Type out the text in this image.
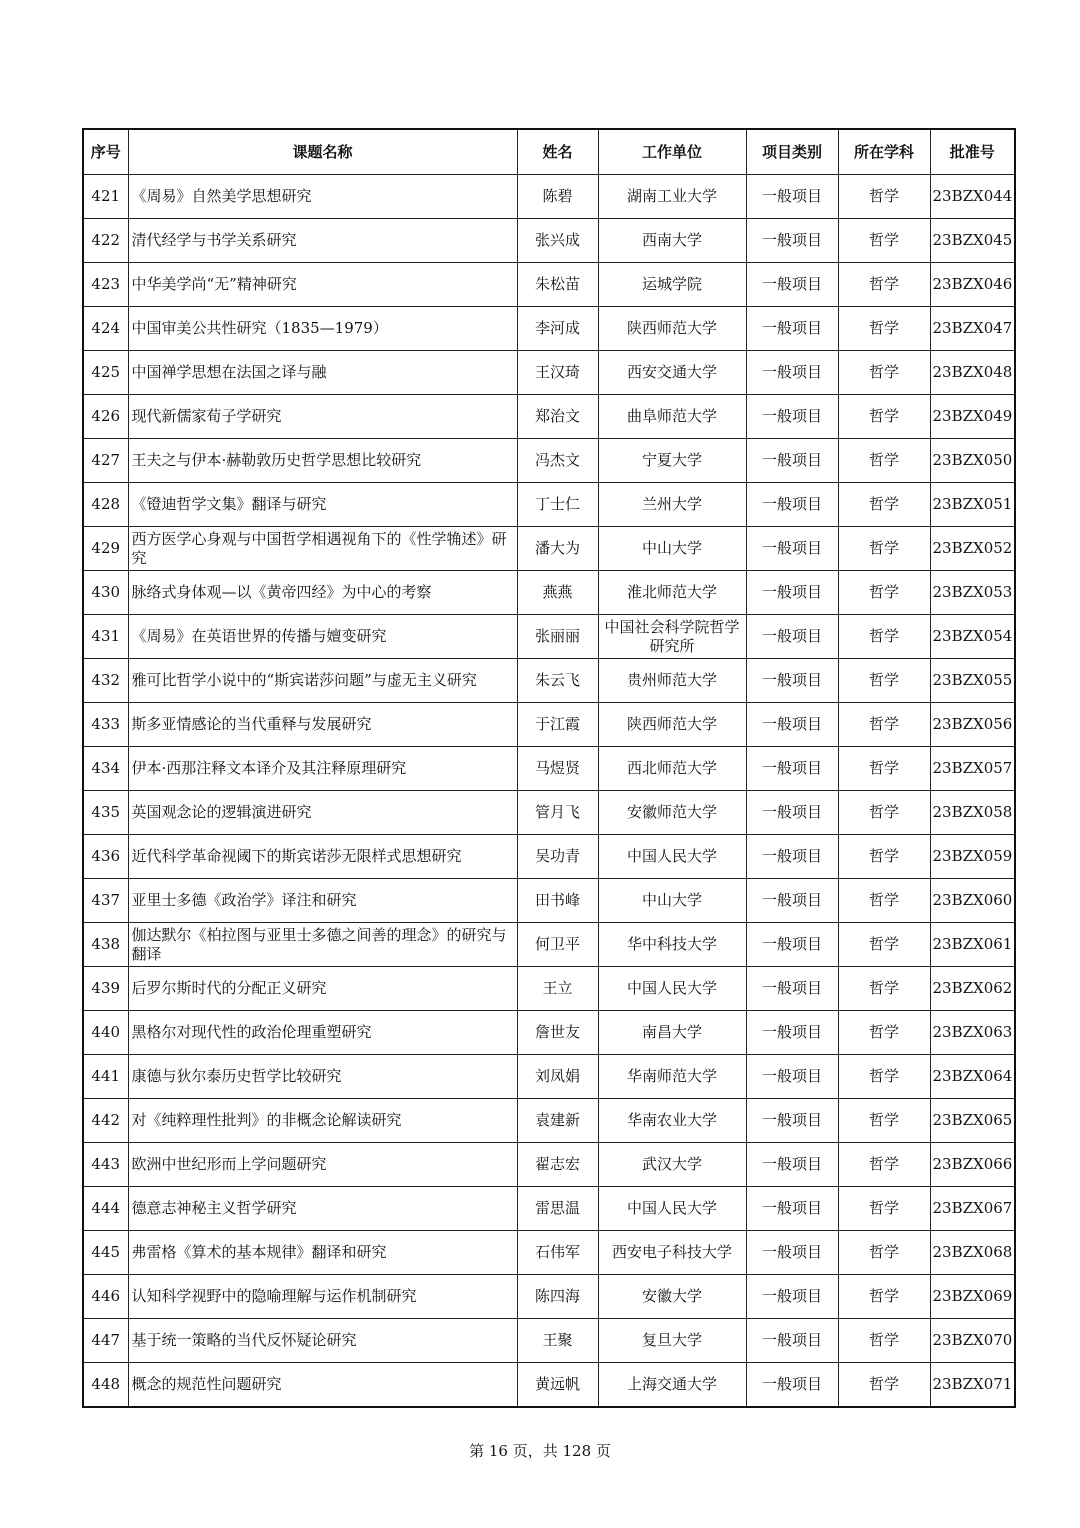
序号	课题名称	姓名	工作单位	项目类别	所在学科	批准号
421	《周易》自然美学思想研究	陈碧	湖南工业大学	一般项目	哲学	23BZX044
422	清代经学与书学关系研究	张兴成	西南大学	一般项目	哲学	23BZX045
423	中华美学尚“无”精神研究	朱松苗	运城学院	一般项目	哲学	23BZX046
424	中国审美公共性研究（1835—1979）	李河成	陕西师范大学	一般项目	哲学	23BZX047
425	中国禅学思想在法国之译与融	王汉琦	西安交通大学	一般项目	哲学	23BZX048
426	现代新儒家荀子学研究	郑治文	曲阜师范大学	一般项目	哲学	23BZX049
427	王夫之与伊本·赫勒敦历史哲学思想比较研究	冯杰文	宁夏大学	一般项目	哲学	23BZX050
428	《镫迪哲学文集》翻译与研究	丁士仁	兰州大学	一般项目	哲学	23BZX051
429	西方医学心身观与中国哲学相遇视角下的《性学觕述》研究	潘大为	中山大学	一般项目	哲学	23BZX052
430	脉络式身体观—以《黄帝四经》为中心的考察	燕燕	淮北师范大学	一般项目	哲学	23BZX053
431	《周易》在英语世界的传播与嬗变研究	张丽丽	中国社会科学院哲学研究所	一般项目	哲学	23BZX054
432	雅可比哲学小说中的“斯宾诺莎问题”与虚无主义研究	朱云飞	贵州师范大学	一般项目	哲学	23BZX055
433	斯多亚情感论的当代重释与发展研究	于江霞	陕西师范大学	一般项目	哲学	23BZX056
434	伊本·西那注释文本译介及其注释原理研究	马煜贤	西北师范大学	一般项目	哲学	23BZX057
435	英国观念论的逻辑演进研究	管月飞	安徽师范大学	一般项目	哲学	23BZX058
436	近代科学革命视阈下的斯宾诺莎无限样式思想研究	吴功青	中国人民大学	一般项目	哲学	23BZX059
437	亚里士多德《政治学》译注和研究	田书峰	中山大学	一般项目	哲学	23BZX060
438	伽达默尔《柏拉图与亚里士多德之间善的理念》的研究与翻译	何卫平	华中科技大学	一般项目	哲学	23BZX061
439	后罗尔斯时代的分配正义研究	王立	中国人民大学	一般项目	哲学	23BZX062
440	黑格尔对现代性的政治伦理重塑研究	詹世友	南昌大学	一般项目	哲学	23BZX063
441	康德与狄尔泰历史哲学比较研究	刘凤娟	华南师范大学	一般项目	哲学	23BZX064
442	对《纯粹理性批判》的非概念论解读研究	袁建新	华南农业大学	一般项目	哲学	23BZX065
443	欧洲中世纪形而上学问题研究	翟志宏	武汉大学	一般项目	哲学	23BZX066
444	德意志神秘主义哲学研究	雷思温	中国人民大学	一般项目	哲学	23BZX067
445	弗雷格《算术的基本规律》翻译和研究	石伟军	西安电子科技大学	一般项目	哲学	23BZX068
446	认知科学视野中的隐喻理解与运作机制研究	陈四海	安徽大学	一般项目	哲学	23BZX069
447	基于统一策略的当代反怀疑论研究	王聚	复旦大学	一般项目	哲学	23BZX070
448	概念的规范性问题研究	黄远帆	上海交通大学	一般项目	哲学	23BZX071
第 16 页，共 128 页
